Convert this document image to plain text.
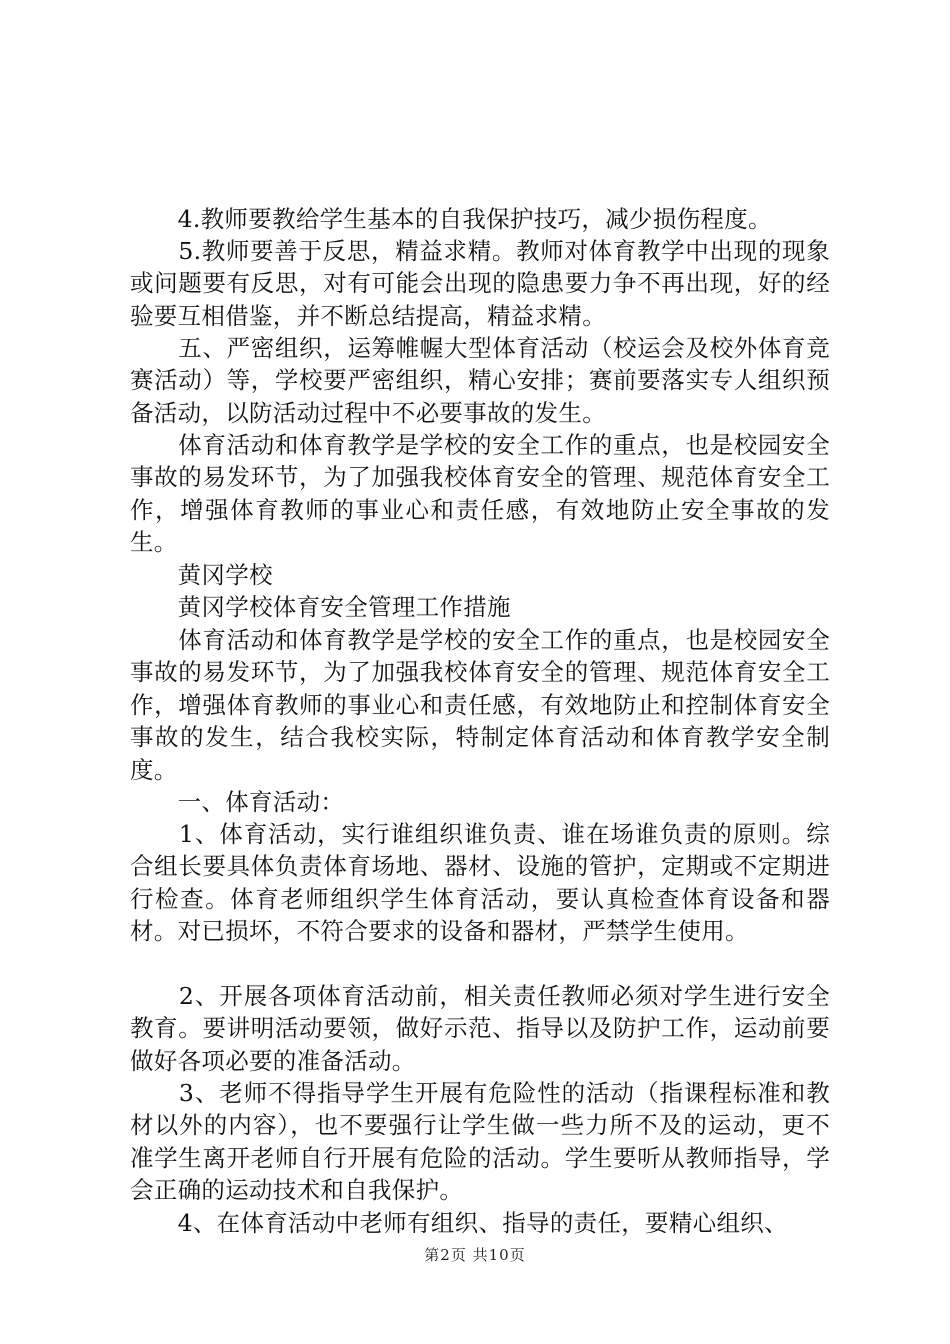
　　4.教师要教给学生基本的自我保护技巧，减少损伤程度。
　　5.教师要善于反思，精益求精。教师对体育教学中出现的现象或问题要有反思，对有可能会出现的隐患要力争不再出现，好的经验要互相借鉴，并不断总结提高，精益求精。
　　五、严密组织，运筹帷幄大型体育活动（校运会及校外体育竞赛活动）等，学校要严密组织，精心安排；赛前要落实专人组织预备活动，以防活动过程中不必要事故的发生。
　　体育活动和体育教学是学校的安全工作的重点，也是校园安全事故的易发环节，为了加强我校体育安全的管理、规范体育安全工作，增强体育教师的事业心和责任感，有效地防止安全事故的发生。
　　黄冈学校
　　黄冈学校体育安全管理工作措施
　　体育活动和体育教学是学校的安全工作的重点，也是校园安全事故的易发环节，为了加强我校体育安全的管理、规范体育安全工作，增强体育教师的事业心和责任感，有效地防止和控制体育安全事故的发生，结合我校实际，特制定体育活动和体育教学安全制度。
　　一、体育活动：
　　1、体育活动，实行谁组织谁负责、谁在场谁负责的原则。综合组长要具体负责体育场地、器材、设施的管护，定期或不定期进行检查。体育老师组织学生体育活动，要认真检查体育设备和器材。对已损坏，不符合要求的设备和器材，严禁学生使用。
　　2、开展各项体育活动前，相关责任教师必须对学生进行安全教育。要讲明活动要领，做好示范、指导以及防护工作，运动前要做好各项必要的准备活动。
　　3、老师不得指导学生开展有危险性的活动（指课程标准和教材以外的内容），也不要强行让学生做一些力所不及的运动，更不准学生离开老师自行开展有危险的活动。学生要听从教师指导，学会正确的运动技术和自我保护。
　　4、在体育活动中老师有组织、指导的责任，要精心组织、
第2页 共10页
